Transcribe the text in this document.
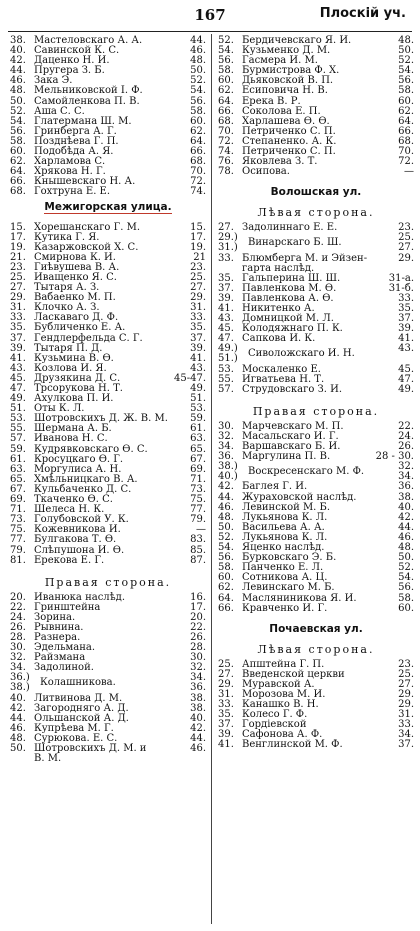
167	Плоскій уч.
38. Мастеловскаго А. А.	44.
40. Савинской К. С.	46.
42. Даценко Н. И.	48.
44. Пругера З. Б.	50.
46. Зака Э.	52.
48. Мельниковской І. Ф.	54.
50. Самойленкова П. В.	56.
52. Аша С. С.	58.
54. Глатермана Ш. М.	60.
56. Гринберга А. Г.	62.
58. Позднѣева Г. П.	64.
60. Подобѣда А. Я.	66.
62. Харламова С.	68.
64. Хрякова Н. Г.	70.
66. Кнышевскаго Н. А.	72.
68. Гохтруна Е. Е.	74.
Межигорская улица.
15. Хорешанскаго Г. М.	15.
17. Кутика Г. Я.	17.
19. Казаржовской Х. С.	19.
21. Смирнова К. И.	21
23. Гиѣвушева В. А.	23.
25. Иващенко Я. С.	25.
27. Тытаря А. З.	27.
29. Вабаенко М. П.	29.
31. Клочко А. З.	31.
33. Ласкаваго Д. Ф.	33.
35. Бубличенко Е. А.	35.
37. Гендлерфельда С. Г.	37.
39. Тытаря П. Д.	39.
41. Кузьмина В. Ѳ.	41.
43. Козлова И. Я.	43.
45. Друзякина Д. С.	45-47.
47. Трсорукова Н. Т.	49.
49. Ахулкова П. И.	51.
51. Оты К. Л.	53.
53. Шотровскихъ Д. Ж. В. М. 59.
55. Шермана А. Б.	61.
57. Иванова Н. С.	63.
59. Кудрявковскаго Ѳ. С.	65.
61. Кросуцкаго Ѳ. Г.	67.
63. Моргулиса А. Н.	69.
65. Хмѣльницкаго В. А.	71.
67. Кульбаченко Д. С.	73.
69. Ткаченко Ѳ. С.	75.
71. Шелеса Н. К.	77.
73. Голубовской У. К.	79.
75. Кожевникова И.	—
77. Булгакова Т. Ѳ.	83.
79. Слѣпушона И. Ѳ.	85.
81. Ерекова Е. Г.	87.
Правая сторона.
20. Иванюка наслѣд.	16.
22. Гринштейна	17.
24. Зорина.	20.
26. Рывнина.	22.
28. Разнера.	26.
30. Эдельмана.	28.
32. Райзмана	30.
34. Задолиной.	32.
36.)
38.) Колашникова.	34.
36.
40. Литвинова Д. М.	38.
42. Загородняго А. Д.	38.
44. Ольшанской А. Д.	40.
46. Купрѣева М. Г.	42.
48. Сурюкова. Е. С.	44.
50. Шотровскихъ Д. М. и
В. М.
46.
52. Бердичевскаго Я. И.	48.
54. Кузьменко Д. М.	50.
56. Гасмера И. М.	52.
58. Бурмистрова Ф. Х.	54.
60. Дьяковской В. П.	56.
62. Есиповича Н. В.	58.
64. Ерека В. Р.	60.
66. Соколова Е. П.	62.
68. Харлашева Ѳ. Ѳ.	64.
70. Петриченко С. П.	66.
72. Степаненко. А. К.	68.
74. Петриченко С. П.	70.
76. Яковлева З. Т.	72.
78. Осипова.	—
Волошская ул.
Лѣвая сторона.
27. Задолиннаго Е. Е.	23.
29.)
31.) Винарскаго Б. Ш.	25.
27.
33. Блюмберга М. и Эйзен-
гарта наслѣд.
29.
35. Гальперина Ш. Ш.	31-а.
37. Павленкова М. Ѳ.	31-б.
39. Павленкова А. Ѳ.	33.
41. Никитенко А.	35.
43. Домницкой М. Л.	37.
45. Колодяжнаго П. К.	39.
47. Сапкова И. К.	41.
49.)
51.) Сиволожскаго И. Н.	43.
53. Москаленко Е.	45.
55. Игватьева Н. Т.	47.
57. Струдовскаго З. И.	49.
Правая сторона.
30. Марчевскаго М. П.	22.
32. Масальскаго И. Г.	24.
34. Варшавскаго Б. И.	26.
36. Маргулина П. В.	28 - 30.
38.)
40.) Воскресенскаго М. Ф.	32.
34.
42. Баглея Г. И.	36.
44. Жураховской наслѣд.	38.
46. Левинской М. Б.	40.
48. Лукьянова К. Л.	42.
50. Васильева А. А.	44.
52. Лукьянова К. Л.	46.
54. Яценко наслѣд.	48.
56. Бурковскаго Э. Б.	50.
58. Панченко Е. Л.	52.
60. Сотникова А. Ц.	54.
62. Левинскаго М. Б.	56.
64. Масляниникова Я. И.	58.
66. Кравченко И. Г.	60.
Почаевская ул.
Лѣвая сторона.
25. Апштейна Г. П.	23.
27. Введенской церкви	25.
29. Муравской А.	27.
31. Морозова М. И.	29.
33. Канашко В. Н.	29.
35. Колесо Г. Ф.	31.
37. Гордіевской	33.
39. Сафонова А. Ф.	34.
41. Венглинской М. Ф.	37.
